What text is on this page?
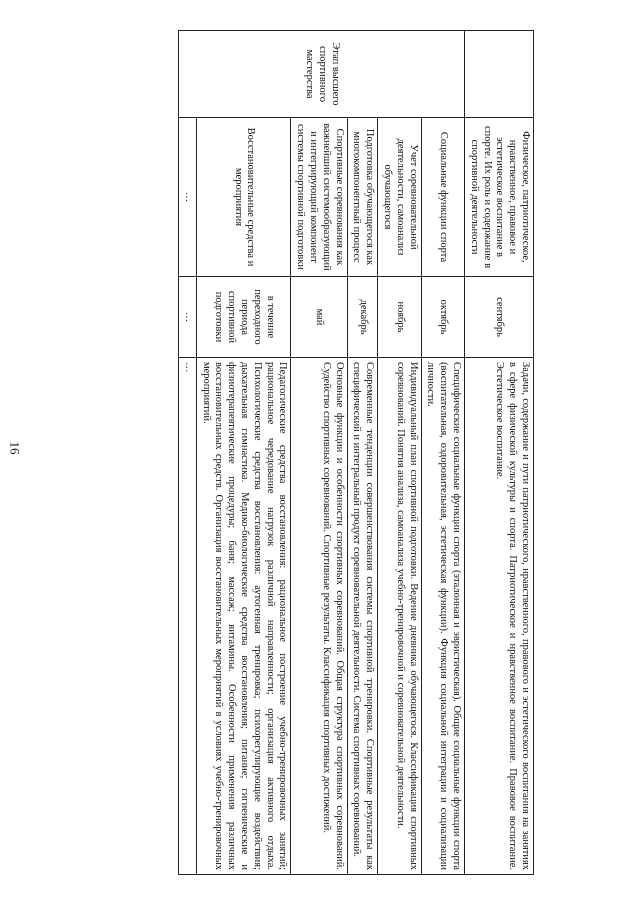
16
	Физическое, патриотическое, нравственное, правовое и эстетическое воспитание в спорте. Их роль и содержание в спортивной деятельности	сентябрь	Задачи, содержание и пути патриотического, нравственного, правового и эстетического воспитания на занятиях в сфере физической культуры и спорта. Патриотическое и нравственное воспитание. Правовое воспитание. Эстетическое воспитание.
Этап высшего спортивного мастерства	Социальные функции спорта	октябрь	Специфические социальные функции спорта (эталонная и эвристическая). Общие социальные функции спорта (воспитательная, оздоровительная, эстетическая функции). Функция социальной интеграции и социализации личности.
	Учет соревновательной деятельности, самоанализ обучающегося	ноябрь	Индивидуальный план спортивной подготовки. Ведение дневника обучающегося. Классификация спортивных соревнований. Понятия анализа, самоанализа учебно-тренировочной и соревновательной деятельности.
	Подготовка обучающегося как многокомпонентный процесс	декабрь	Современные тенденции совершенствования системы спортивной тренировки. Спортивные результаты как специфический и интегральный продукт соревновательной деятельности. Система спортивных соревнований.
	Спортивные соревнования как важнейший системообразующий и интегрирующий компонент системы спортивной подготовки	май	Основные функции и особенности спортивных соревнований. Общая структура спортивных соревнований. Судейство спортивных соревнований. Спортивные результаты. Классификация спортивных достижений.
	Восстановительные средства и мероприятия	в течение переходного периода спортивной подготовки	Педагогические средства восстановления: рациональное построение учебно-тренировочных занятий; рациональное чередование нагрузок различной направленности; организация активного отдыха. Психологические средства восстановления: аутогенная тренировка; психорегулирующие воздействия; дыхательная гимнастика. Медико-биологические средства восстановления; питание; гигиенические и физиотерапевтические процедуры; баня; массаж; витамины. Особенности применения различных восстановительных средств. Организация восстановительных мероприятий в условиях учебно-тренировочных мероприятий.
	…	…	…
